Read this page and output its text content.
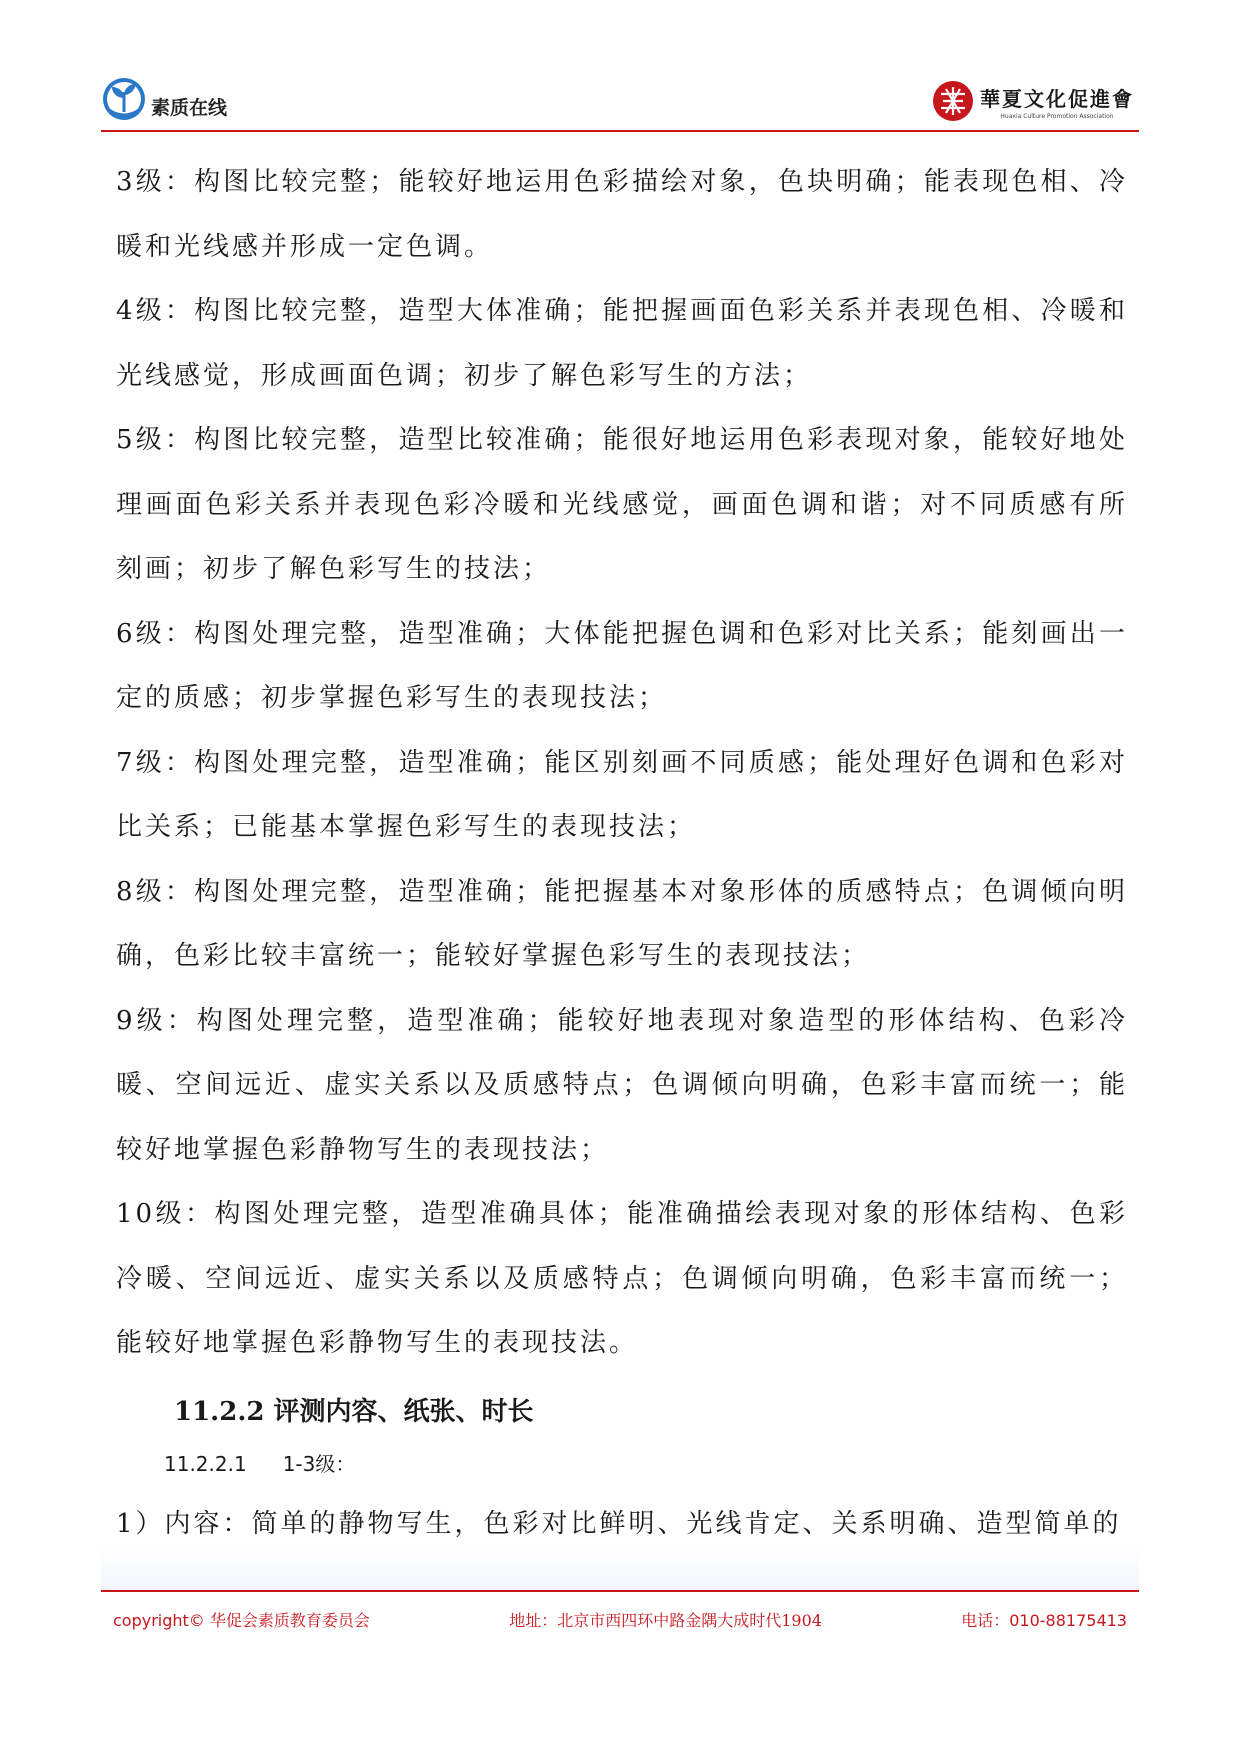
素质在线	華夏文化促進會
Huaxia Culture Promotion Association

3级：构图比较完整；能较好地运用色彩描绘对象，色块明确；能表现色相、冷暖和光线感并形成一定色调。

4级：构图比较完整，造型大体准确；能把握画面色彩关系并表现色相、冷暖和光线感觉，形成画面色调；初步了解色彩写生的方法；

5级：构图比较完整，造型比较准确；能很好地运用色彩表现对象，能较好地处理画面色彩关系并表现色彩冷暖和光线感觉，画面色调和谐；对不同质感有所刻画；初步了解色彩写生的技法；

6级：构图处理完整，造型准确；大体能把握色调和色彩对比关系；能刻画出一定的质感；初步掌握色彩写生的表现技法；

7级：构图处理完整，造型准确；能区别刻画不同质感；能处理好色调和色彩对比关系；已能基本掌握色彩写生的表现技法；

8级：构图处理完整，造型准确；能把握基本对象形体的质感特点；色调倾向明确，色彩比较丰富统一；能较好掌握色彩写生的表现技法；

9级：构图处理完整，造型准确；能较好地表现对象造型的形体结构、色彩冷暖、空间远近、虚实关系以及质感特点；色调倾向明确，色彩丰富而统一；能较好地掌握色彩静物写生的表现技法；

10级：构图处理完整，造型准确具体；能准确描绘表现对象的形体结构、色彩冷暖、空间远近、虚实关系以及质感特点；色调倾向明确，色彩丰富而统一；能较好地掌握色彩静物写生的表现技法。

11.2.2 评测内容、纸张、时长
11.2.2.1 1-3级：

1）内容：简单的静物写生，色彩对比鲜明、光线肯定、关系明确、造型简单的

copyright© 华促会素质教育委员会	地址：北京市西四环中路金隅大成时代1904	电话：010-88175413
